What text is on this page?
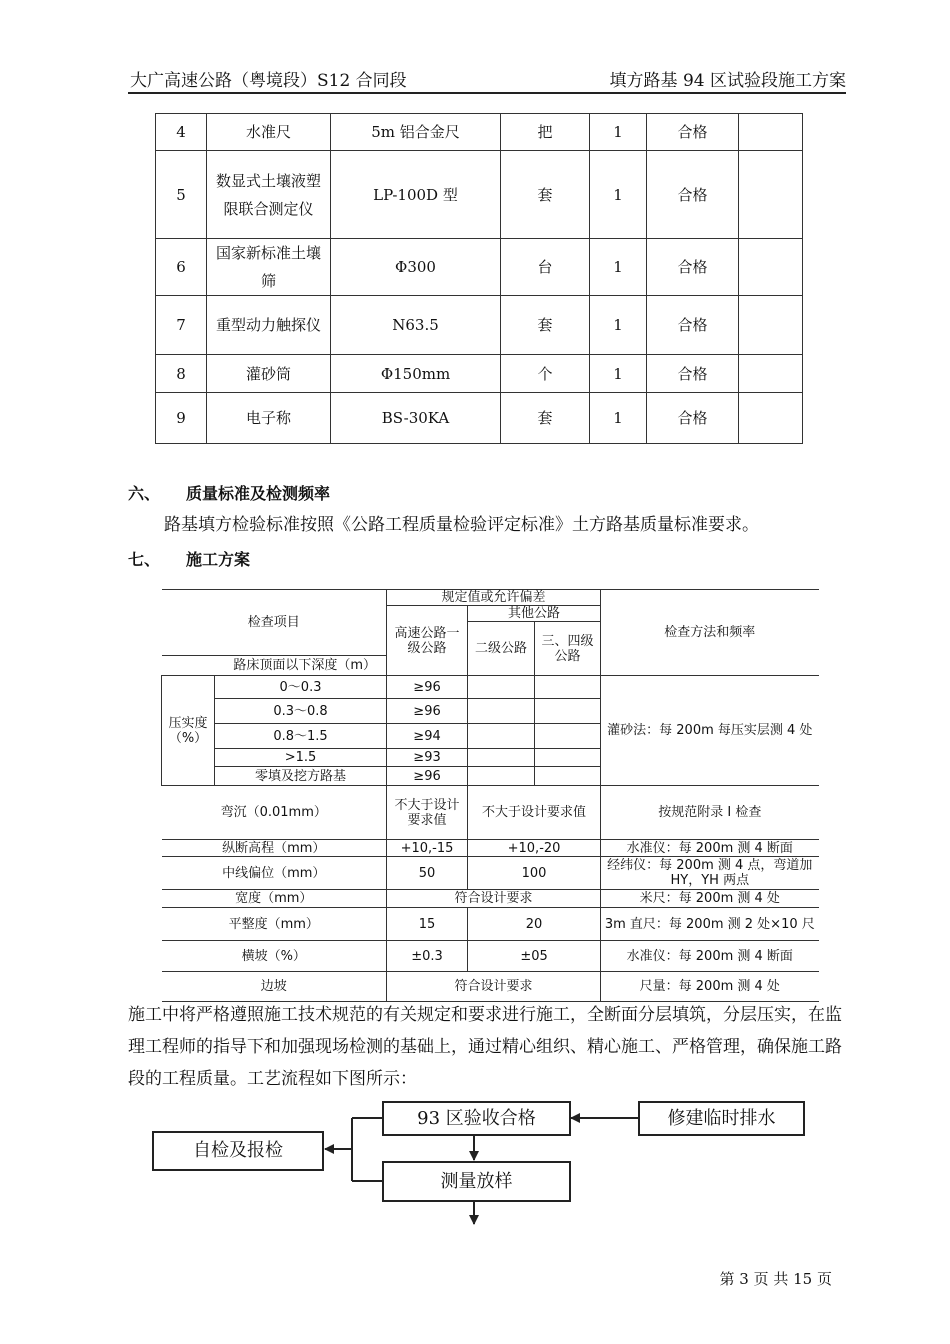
大广高速公路（粤境段）S12 合同段	填方路基 94 区试验段施工方案
4	水准尺	5m 铝合金尺	把	1	合格	
5	数显式土壤液塑限联合测定仪	LP-100D 型	套	1	合格	
6	国家新标准土壤筛	Φ300	台	1	合格	
7	重型动力触探仪	N63.5	套	1	合格	
8	灌砂筒	Φ150mm	个	1	合格	
9	电子称	BS-30KA	套	1	合格	
六、 质量标准及检测频率
路基填方检验标准按照《公路工程质量检验评定标准》土方路基质量标准要求。
七、 施工方案
检查项目		规定值或允许偏差			检查方法和频率
		高速公路一级公路	其他公路		
			二级公路	三、四级公路	
路床顶面以下深度（m）					
压实度（%）	0～0.3	≥96			灌砂法：每 200m 每压实层测 4 处
	0.3～0.8	≥96			
	0.8～1.5	≥94			
	>1.5	≥93			
	零填及挖方路基	≥96			
弯沉（0.01mm）		不大于设计要求值	不大于设计要求值		按规范附录 I 检查
纵断高程（mm）		+10,-15	+10,-20		水准仪：每 200m 测 4 断面
中线偏位（mm）		50	100		经纬仪：每 200m 测 4 点，弯道加 HY，YH 两点
宽度（mm）		符合设计要求			米尺：每 200m 测 4 处
平整度（mm）		15	20		3m 直尺：每 200m 测 2 处×10 尺
横坡（%）		±0.3	±05		水准仪：每 200m 测 4 断面
边坡		符合设计要求			尺量：每 200m 测 4 处
施工中将严格遵照施工技术规范的有关规定和要求进行施工，全断面分层填筑，分层压实，在监理工程师的指导下和加强现场检测的基础上，通过精心组织、精心施工、严格管理，确保施工路段的工程质量。工艺流程如下图所示：
93 区验收合格	修建临时排水
自检及报检
测量放样
第 3 页 共 15 页
